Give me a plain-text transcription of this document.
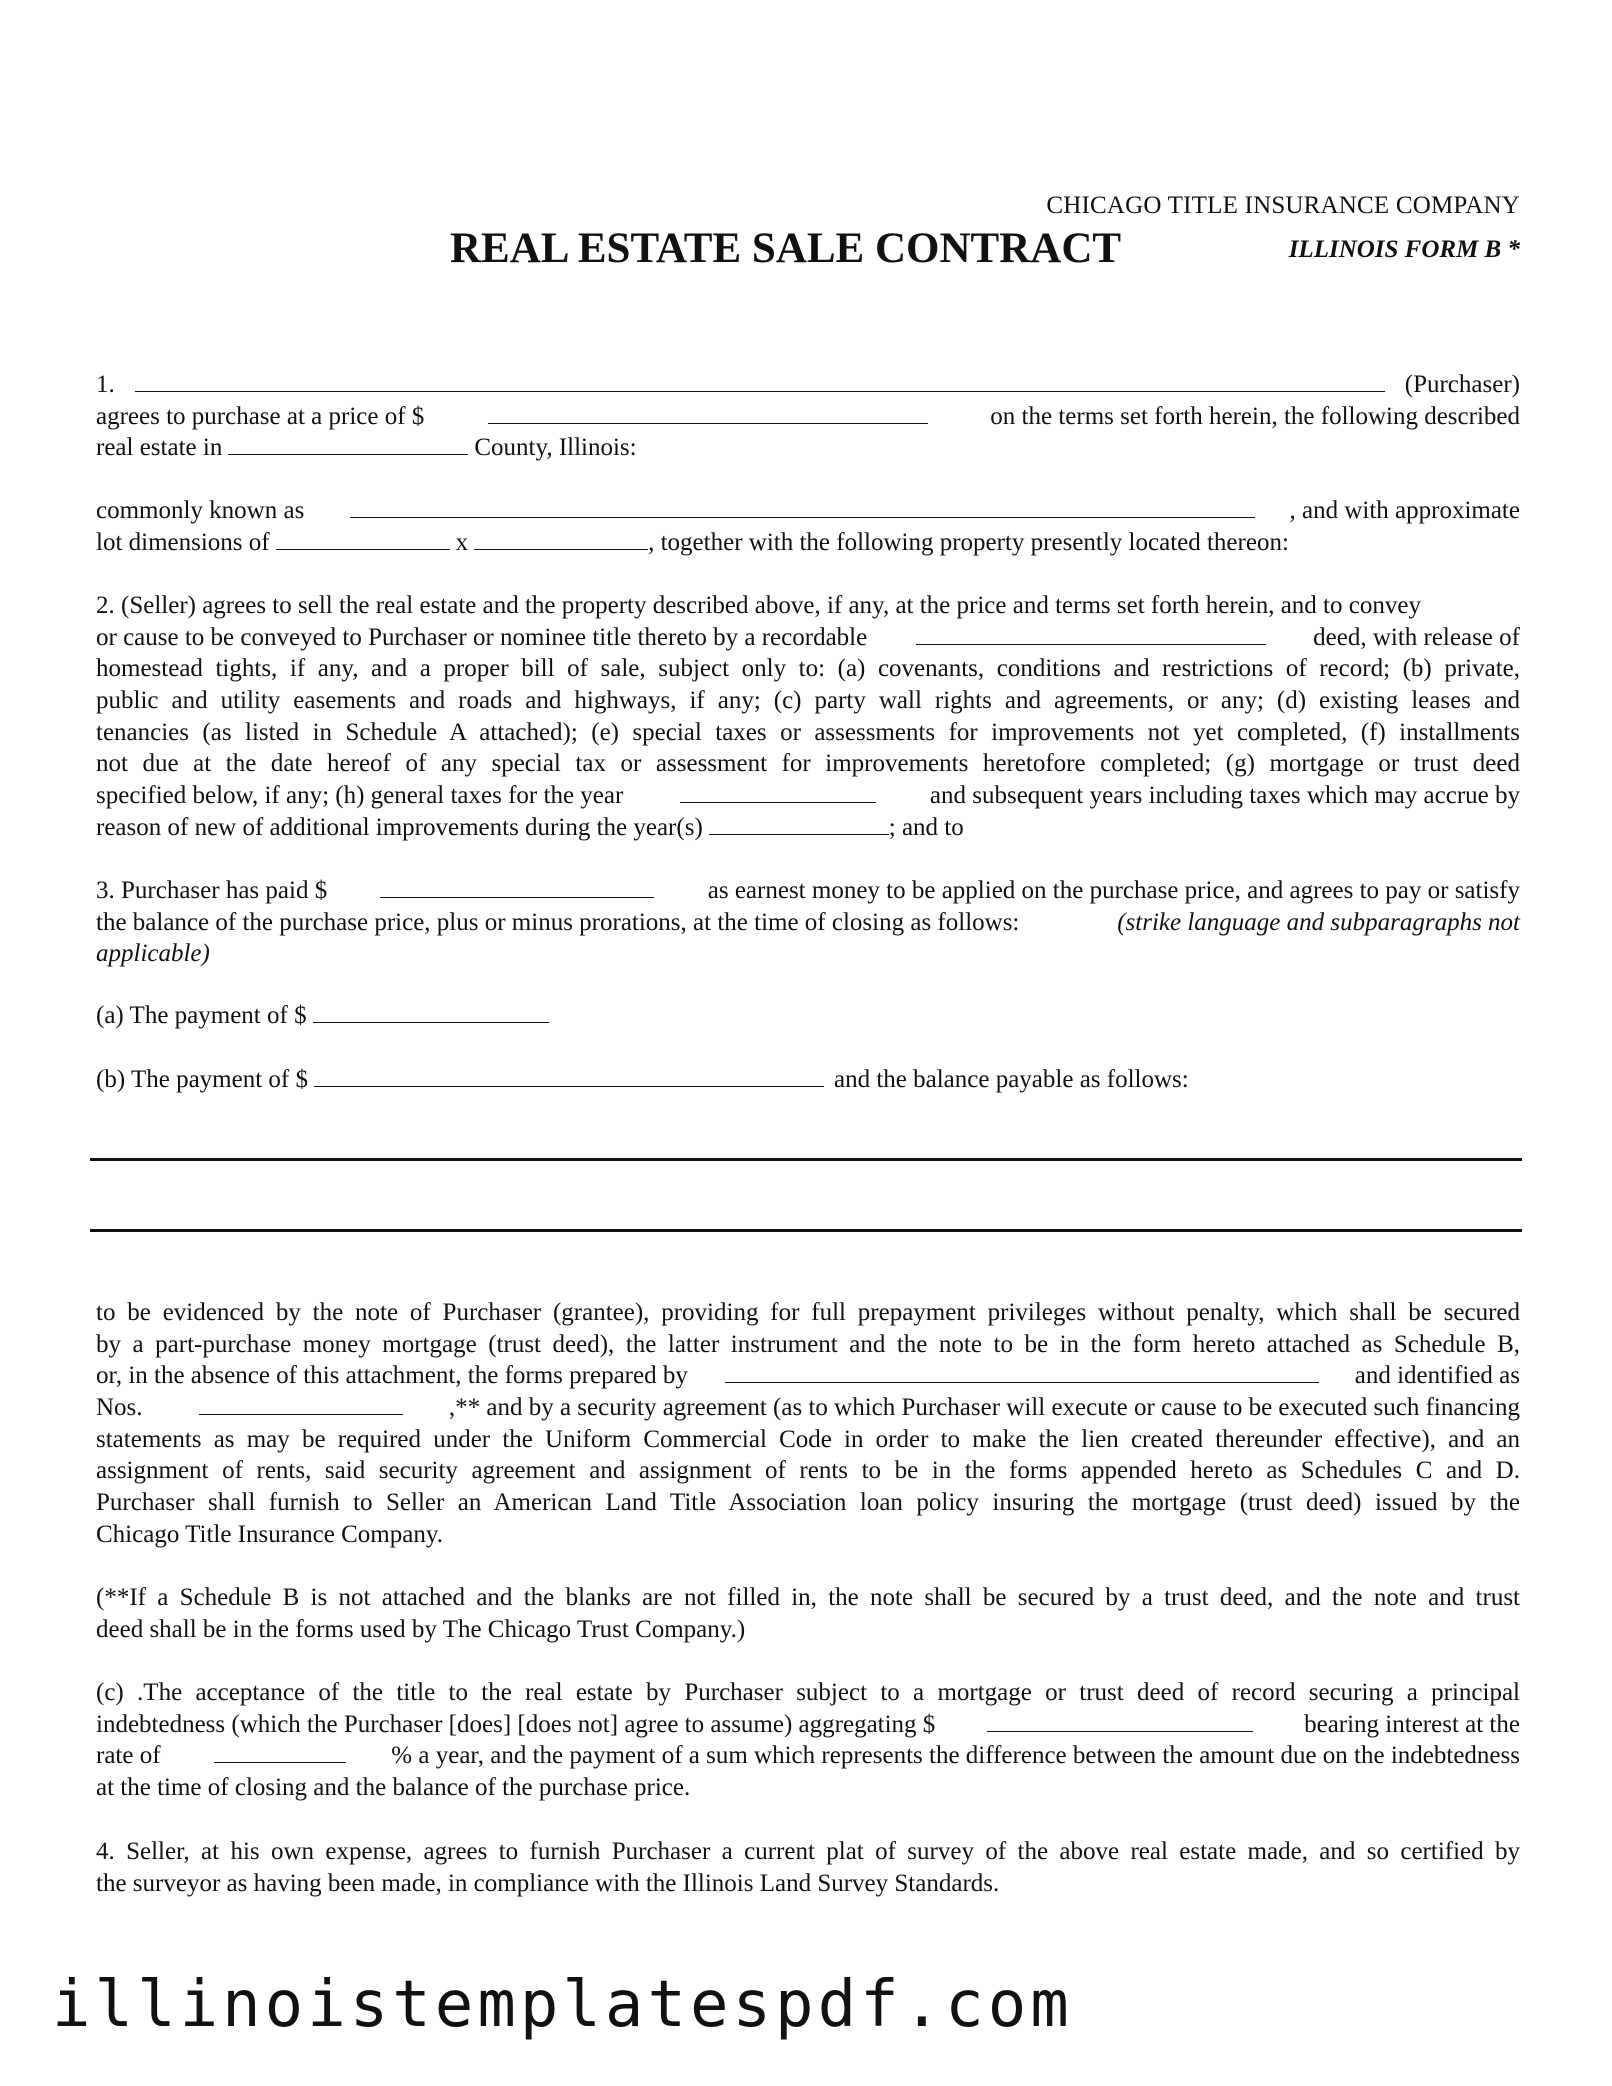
CHICAGO TITLE INSURANCE COMPANY
REAL ESTATE SALE CONTRACT	ILLINOIS FORM B *
1.	(Purchaser)
agrees to purchase at a price of $	on the terms set forth herein, the following described
real estate in	County, Illinois:
commonly known as	, and with approximate
lot dimensions of	x	, together with the following property presently located thereon:
2. (Seller) agrees to sell the real estate and the property described above, if any, at the price and terms set forth herein, and to convey
or cause to be conveyed to Purchaser or nominee title thereto by a recordable	deed, with release of
homestead tights, if any, and a proper bill of sale, subject only to: (a) covenants, conditions and restrictions of record; (b) private,
public and utility easements and roads and highways, if any; (c) party wall rights and agreements, or any; (d) existing leases and
tenancies (as listed in Schedule A attached); (e) special taxes or assessments for improvements not yet completed, (f) installments
not due at the date hereof of any special tax or assessment for improvements heretofore completed; (g) mortgage or trust deed
specified below, if any; (h) general taxes for the year	and subsequent years including taxes which may accrue by
reason of new of additional improvements during the year(s)	; and to
3. Purchaser has paid $	as earnest money to be applied on the purchase price, and agrees to pay or satisfy
the balance of the purchase price, plus or minus prorations, at the time of closing as follows:	(strike language and subparagraphs not
applicable)
(a) The payment of $
(b) The payment of $	and the balance payable as follows:
to be evidenced by the note of Purchaser (grantee), providing for full prepayment privileges without penalty, which shall be secured
by a part-purchase money mortgage (trust deed), the latter instrument and the note to be in the form hereto attached as Schedule B,
or, in the absence of this attachment, the forms prepared by	and identified as
Nos.	,** and by a security agreement (as to which Purchaser will execute or cause to be executed such financing
statements as may be required under the Uniform Commercial Code in order to make the lien created thereunder effective), and an
assignment of rents, said security agreement and assignment of rents to be in the forms appended hereto as Schedules C and D.
Purchaser shall furnish to Seller an American Land Title Association loan policy insuring the mortgage (trust deed) issued by the
Chicago Title Insurance Company.
(**If a Schedule B is not attached and the blanks are not filled in, the note shall be secured by a trust deed, and the note and trust
deed shall be in the forms used by The Chicago Trust Company.)
(c) .The acceptance of the title to the real estate by Purchaser subject to a mortgage or trust deed of record securing a principal
indebtedness (which the Purchaser [does] [does not] agree to assume) aggregating $	bearing interest at the
rate of	% a year, and the payment of a sum which represents the difference between the amount due on the indebtedness
at the time of closing and the balance of the purchase price.
4. Seller, at his own expense, agrees to furnish Purchaser a current plat of survey of the above real estate made, and so certified by
the surveyor as having been made, in compliance with the Illinois Land Survey Standards.
illinoistemplatespdf.com
